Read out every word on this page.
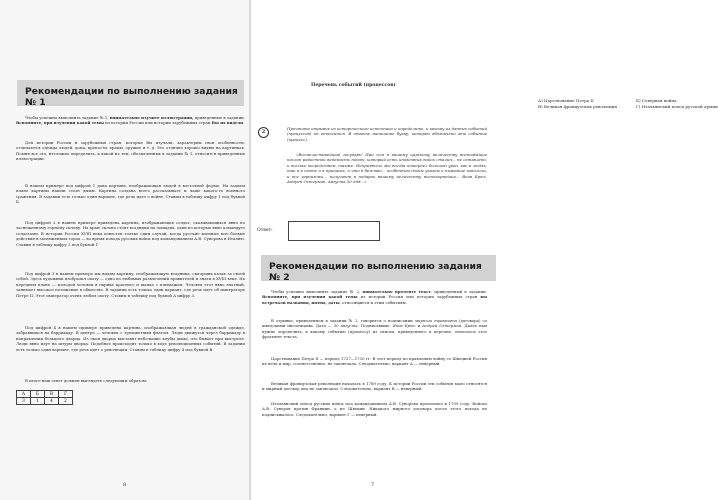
Рекомендации по выполнению задания № 1

Чтобы успешно выполнить задание № 1, внимательно изучите иллюстрации, приведенные в задании. Вспомните, при изучении какой темы из истории России или истории зарубежных стран Вы их видели.

Для истории России и зарубежных стран, которые Вы изучали, характерны свои особенности: отличаются одежда людей, дома, крепости, храмы, оружие и т. д. Это отлично хорошо видны на картинках. Помня все это, несложно определить, к какой из тем, обозначенных в задании № 1, относится приведенные иллюстрации.

В нашем примере под цифрой 1 дана картина, изображающая людей в восточной форме. На заднем плане картины нашли стоят дымы. Картина создана всего рассказывает и чаще какого-то военного сражения. В задании есть только один вариант, где речь идет о войне. Ставим в таблицу цифру 1 под буквой Б.

Под цифрой 2 в нашем примере приведена картина, изображающая солдат, сказывающихся явно по заснеженному горному склону. На краю склона стоят всадники на лошадях, один из которых явно командует солдатами. В истории России XVIII века известен только один случай, когда русские военные всю боевые действия в заснеженных горах — во время похода русских войск под командованием А.В. Суворова в Италию. Ставим в таблицу цифру 2 под буквой Г.

Под цифрой 3 в нашем примере мы видим картину, изображающую всадника, скачущих казак за своей собой. Здесь художник изобразил охоту — одно из любимых развлечений правителей и знати в XVIII веке. На переднем плане — молодой человек в парике красного и шапке с плюмажем. Человек этот явно знатный, занимает высокое положение в обществе. В задании есть только один вариант, где речь идет об императоре Петре II. Этот император очень любил охоту. Ставим в таблицу под буквой А цифру 3.

Под цифрой 4 в нашем примере приведена картина, изображающая людей в гражданской одежде, забравшихся на баррикаду. В центре — человек с трехцветным флагом. Люди движутся через баррикаду в направлении большого дворца. Из окон дворца выставят небольшие клубы дыма, что бывает при выстреле. Люди явно идут на штурм дворца. Подобное происходит только в ходе революционных событий. В задании есть только один вариант, где речь идет о революции. Ставим в таблицу цифру 4 под буквой В.

В итоге наш ответ должен выглядеть следующим образом:

А	Б	В	Г
3	1	4	2
8
Перечень событий (процессов)
А) Царствование Петра II	Б) Северная война
В) Великая французская революция	Г) Итальянский поход русской армии
2

Прочтите отрывок из исторического источника и определите, к какому из данных событий (процессов) он относится. В ответе напишите букву, которой обозначено это событие (процесс).

«Всемилостивейший государь! При сем я вашему царскому величеству всенижайше послан радостной ведомость подаю, который есть иноземных войск сталин... не оставлено, и только посредством, также. Неприятель же всегда потерпел большой урон, как в людях, так и в скоте и в припасах, и что в бегство... особенным своим указом и нижайше изволили, и все гарнизоны... получают в подарок вашему величеству всепокорнейше... Яков Брюс, Андрей Остерман. Августа 30 дня...»

Ответ:
Рекомендации по выполнению задания № 2

Чтобы успешно выполнить задание № 2, внимательно прочтите текст, приведенный в задании. Вспомните, при изучении какой темы из истории России или истории зарубежных стран вы встречали названия, имена, даты, относящиеся к этим событиям.

В отрывке, приведенном в задании № 2, говорится о подписании мирного трактата (договора) со шведскими иноземцами. Дата — 30 августа. Подписавшие: Яков Брюс и Андрей Остерман. Далее нам нужно определить, к какому событию (процессу) из списка, приведенного в перечне, относится этот фрагмент текста.

Царствование Петра II — период 1727—1730 гг. В этот период по правлению войну со Швецией Россия не вела и мир, соответственно, не заключала. Следовательно, вариант А — неверный.

Великая французская революция началась в 1789 году. К истории России эти события мало относятся и мирный договор она не заключала. Следовательно, вариант В — неверный.

Итальянский поход русских войск под командованием А.В. Суворова произошел в 1799 году. Войска А.В. Суворов против Франции, а не Швеции. Никакого мирного договора после этого похода не подписывалось. Следовательно, вариант Г — неверный.

7
